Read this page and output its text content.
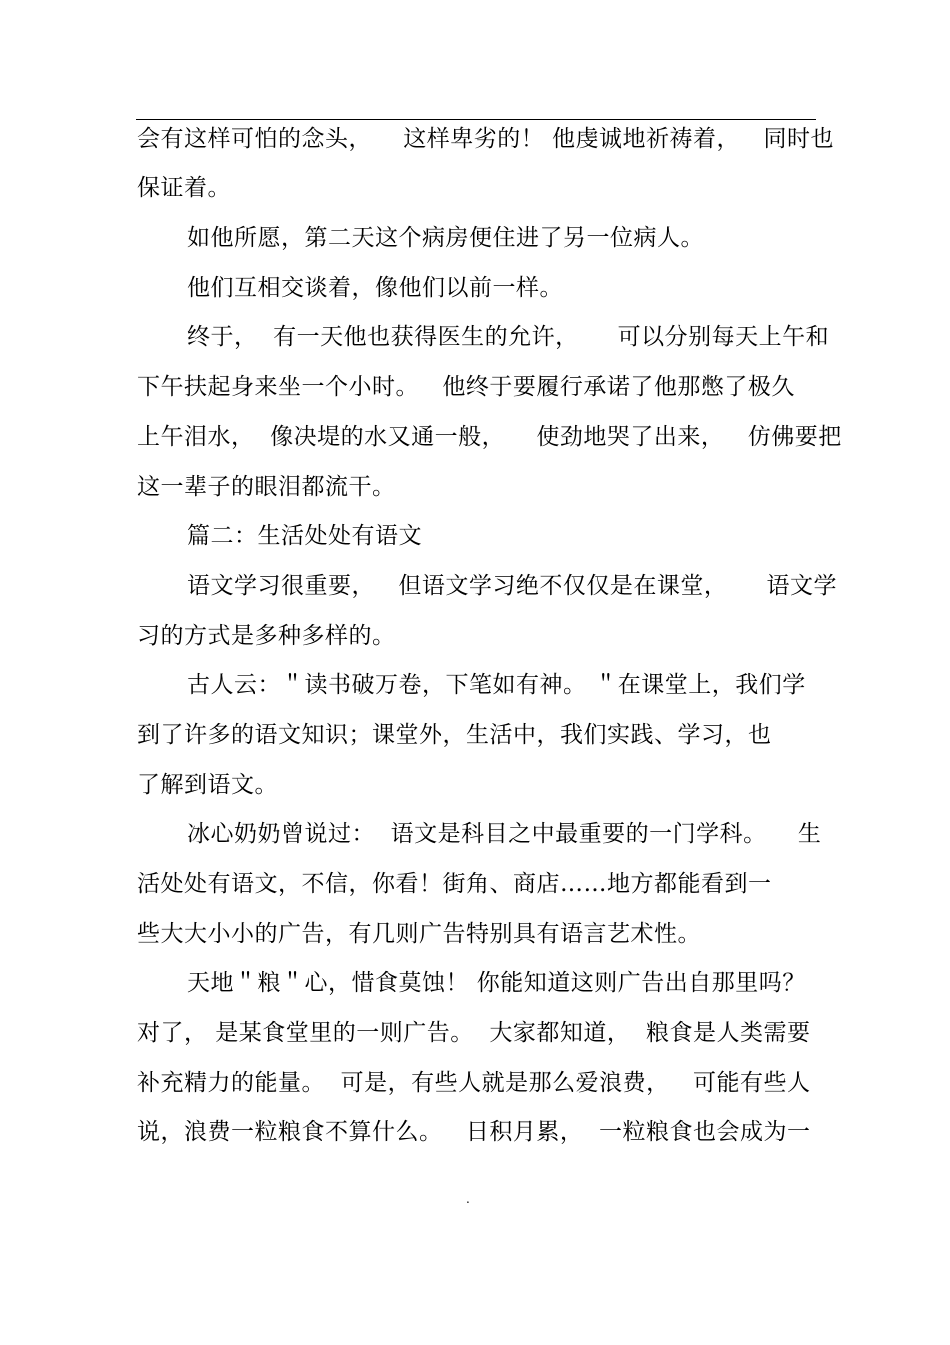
会有这样可怕的念头，    这样卑劣的！ 他虔诚地祈祷着，   同时也
保证着。
如他所愿，第二天这个病房便住进了另一位病人。
他们互相交谈着，像他们以前一样。
终于，  有一天他也获得医生的允许，     可以分别每天上午和
下午扶起身来坐一个小时。   他终于要履行承诺了他那憋了极久
上午泪水，  像决堤的水又通一般，    使劲地哭了出来，   仿佛要把
这一辈子的眼泪都流干。
篇二：生活处处有语文
语文学习很重要，   但语文学习绝不仅仅是在课堂，     语文学
习的方式是多种多样的。
古人云：＂读书破万卷，下笔如有神。 ＂在课堂上，我们学
到了许多的语文知识；课堂外，生活中，我们实践、学习，也
了解到语文。
冰心奶奶曾说过：  语文是科目之中最重要的一门学科。    生
活处处有语文，不信，你看！街角、商店……地方都能看到一
些大大小小的广告，有几则广告特别具有语言艺术性。
天地＂粮＂心，惜食莫蚀！ 你能知道这则广告出自那里吗？
对了， 是某食堂里的一则广告。  大家都知道，  粮食是人类需要
补充精力的能量。  可是，有些人就是那么爱浪费，   可能有些人
说，浪费一粒粮食不算什么。   日积月累，  一粒粮食也会成为一
.
